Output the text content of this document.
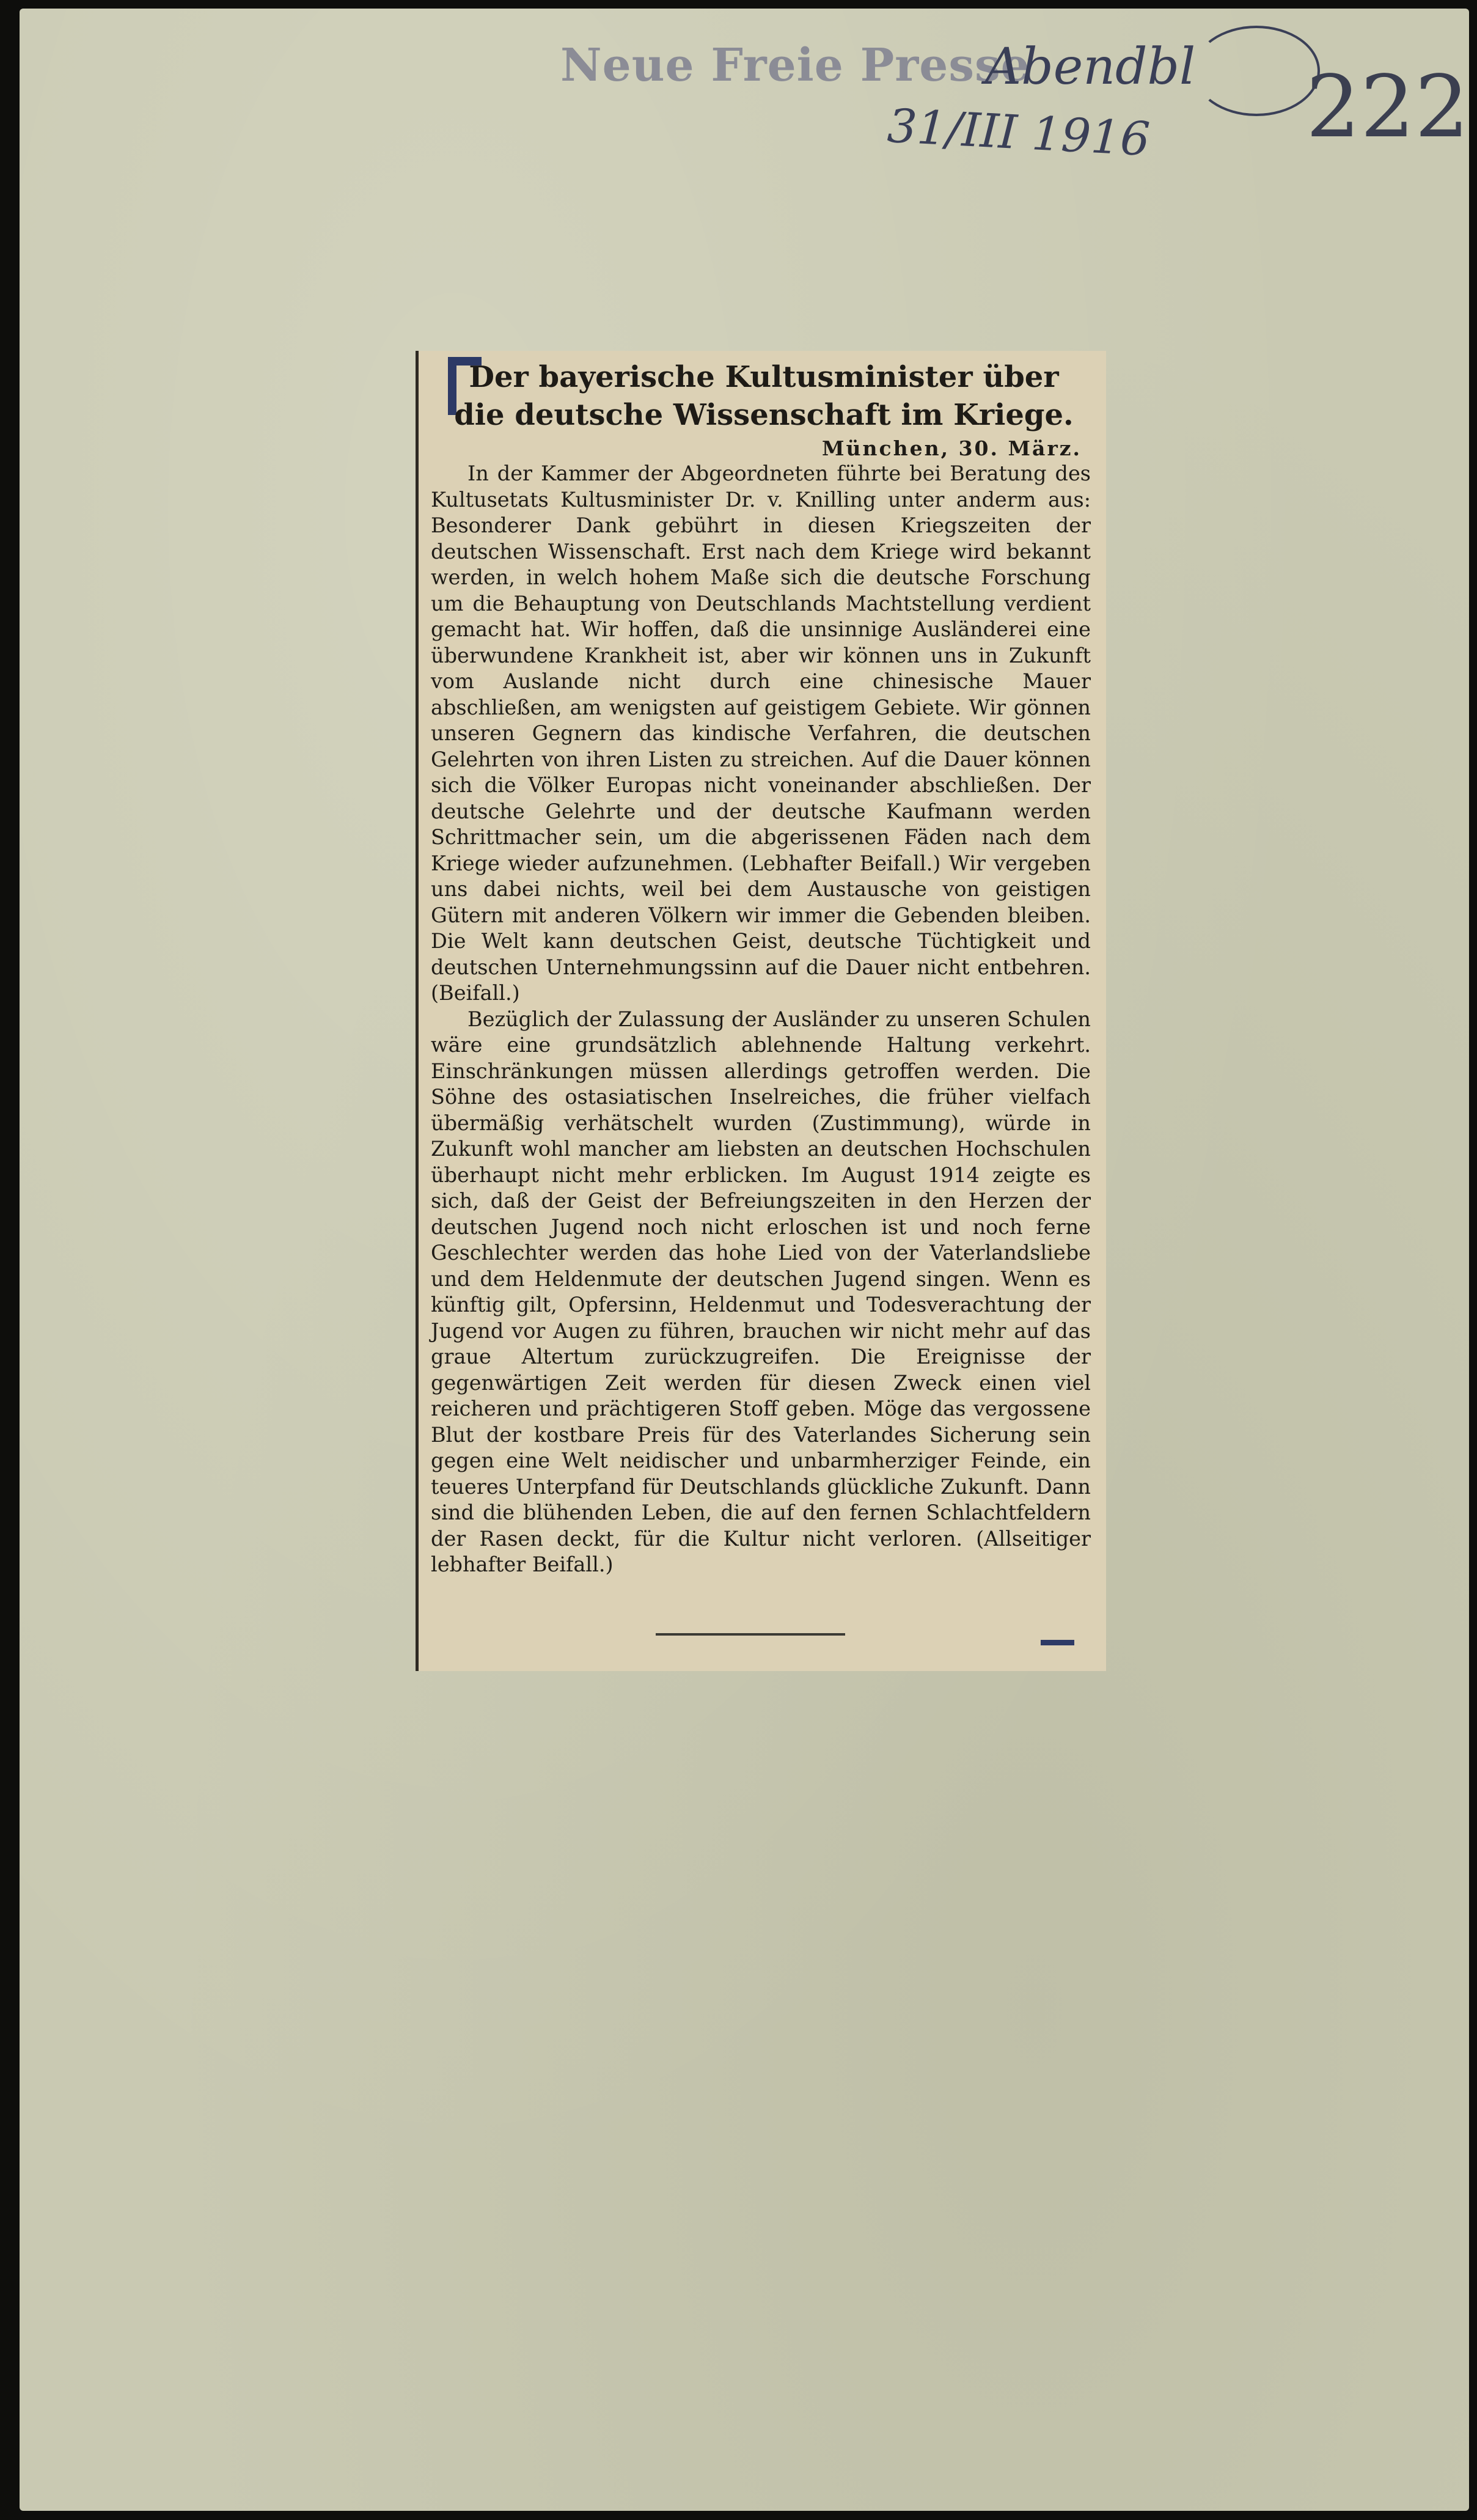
Neue Freie Presse
Abendbl
31/III 1916 222
Der bayerische Kultusminister über die deutsche Wissenschaft im Kriege.
München, 30. März.

In der Kammer der Abgeordneten führte bei Beratung des Kultusetats Kultusminister Dr. v. Knilling unter anderm aus: Besonderer Dank gebührt in diesen Kriegszeiten der deutschen Wissenschaft. Erst nach dem Kriege wird bekannt werden, in welch hohem Maße sich die deutsche Forschung um die Behauptung von Deutschlands Machtstellung verdient gemacht hat. Wir hoffen, daß die unsinnige Ausländerei eine überwundene Krankheit ist, aber wir können uns in Zukunft vom Auslande nicht durch eine chinesische Mauer abschließen, am wenigsten auf geistigem Gebiete. Wir gönnen unseren Gegnern das kindische Verfahren, die deutschen Gelehrten von ihren Listen zu streichen. Auf die Dauer können sich die Völker Europas nicht voneinander abschließen. Der deutsche Gelehrte und der deutsche Kaufmann werden Schrittmacher sein, um die abgerissenen Fäden nach dem Kriege wieder aufzunehmen. (Lebhafter Beifall.) Wir vergeben uns dabei nichts, weil bei dem Austausche von geistigen Gütern mit anderen Völkern wir immer die Gebenden bleiben. Die Welt kann deutschen Geist, deutsche Tüchtigkeit und deutschen Unternehmungssinn auf die Dauer nicht entbehren. (Beifall.)

Bezüglich der Zulassung der Ausländer zu unseren Schulen wäre eine grundsätzlich ablehnende Haltung verkehrt. Einschränkungen müssen allerdings getroffen werden. Die Söhne des ostasiatischen Inselreiches, die früher vielfach übermäßig verhätschelt wurden (Zustimmung), würde in Zukunft wohl mancher am liebsten an deutschen Hochschulen überhaupt nicht mehr erblicken. Im August 1914 zeigte es sich, daß der Geist der Befreiungszeiten in den Herzen der deutschen Jugend noch nicht erloschen ist und noch ferne Geschlechter werden das hohe Lied von der Vaterlandsliebe und dem Heldenmute der deutschen Jugend singen. Wenn es künftig gilt, Opfersinn, Heldenmut und Todesverachtung der Jugend vor Augen zu führen, brauchen wir nicht mehr auf das graue Altertum zurückzugreifen. Die Ereignisse der gegenwärtigen Zeit werden für diesen Zweck einen viel reicheren und prächtigeren Stoff geben. Möge das vergossene Blut der kostbare Preis für des Vaterlandes Sicherung sein gegen eine Welt neidischer und unbarmherziger Feinde, ein teueres Unterpfand für Deutschlands glückliche Zukunft. Dann sind die blühenden Leben, die auf den fernen Schlachtfeldern der Rasen deckt, für die Kultur nicht verloren. (Allseitiger lebhafter Beifall.)
